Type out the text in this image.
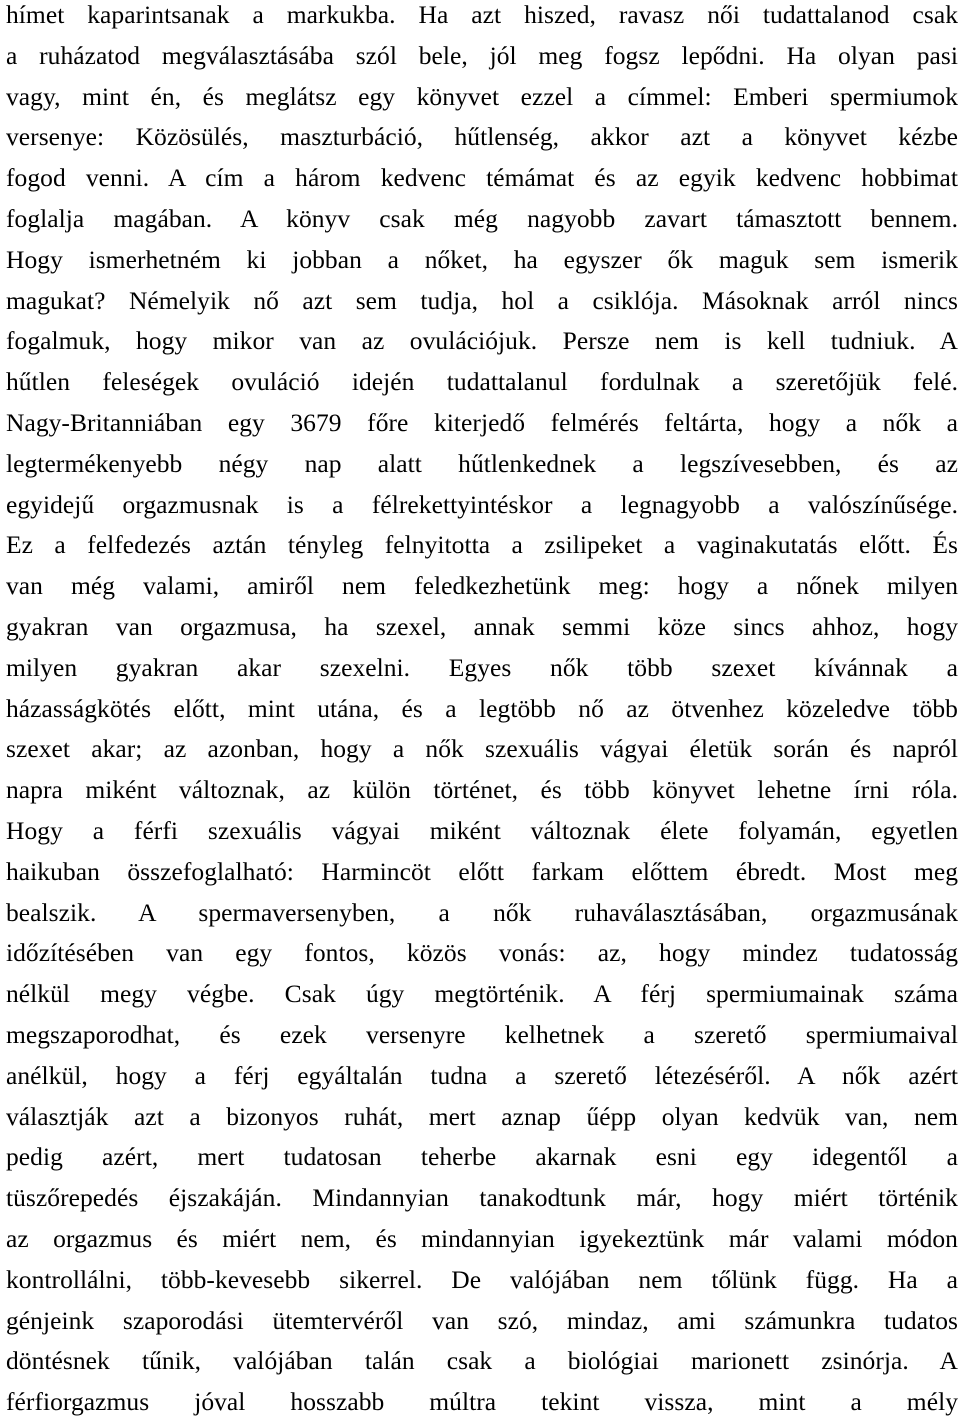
hímet kaparintsanak a markukba. Ha azt hiszed, ravasz női tudattalanod csak
a ruházatod megválasztásába szól bele, jól meg fogsz lepődni. Ha olyan pasi
vagy, mint én, és meglátsz egy könyvet ezzel a címmel: Emberi spermiumok
versenye: Közösülés, maszturbáció, hűtlenség, akkor azt a könyvet kézbe
fogod venni. A cím a három kedvenc témámat és az egyik kedvenc hobbimat
foglalja magában. A könyv csak még nagyobb zavart támasztott bennem.
Hogy ismerhetném ki jobban a nőket, ha egyszer ők maguk sem ismerik
magukat? Némelyik nő azt sem tudja, hol a csiklója. Másoknak arról nincs
fogalmuk, hogy mikor van az ovulációjuk. Persze nem is kell tudniuk. A
hűtlen feleségek ovuláció idején tudattalanul fordulnak a szeretőjük felé.
Nagy-Britanniában egy 3679 főre kiterjedő felmérés feltárta, hogy a nők a
legtermékenyebb négy nap alatt hűtlenkednek a legszívesebben, és az
egyidejű orgazmusnak is a félrekettyintéskor a legnagyobb a valószínűsége.
Ez a felfedezés aztán tényleg felnyitotta a zsilipeket a vaginakutatás előtt. És
van még valami, amiről nem feledkezhetünk meg: hogy a nőnek milyen
gyakran van orgazmusa, ha szexel, annak semmi köze sincs ahhoz, hogy
milyen gyakran akar szexelni. Egyes nők több szexet kívánnak a
házasságkötés előtt, mint utána, és a legtöbb nő az ötvenhez közeledve több
szexet akar; az azonban, hogy a nők szexuális vágyai életük során és napról
napra miként változnak, az külön történet, és több könyvet lehetne írni róla.
Hogy a férfi szexuális vágyai miként változnak élete folyamán, egyetlen
haikuban összefoglalható: Harmincöt előtt farkam előttem ébredt. Most meg
bealszik. A spermaversenyben, a nők ruhaválasztásában, orgazmusának
időzítésében van egy fontos, közös vonás: az, hogy mindez tudatosság
nélkül megy végbe. Csak úgy megtörténik. A férj spermiumainak száma
megszaporodhat, és ezek versenyre kelhetnek a szerető spermiumaival
anélkül, hogy a férj egyáltalán tudna a szerető létezéséről. A nők azért
választják azt a bizonyos ruhát, mert aznap űépp olyan kedvük van, nem
pedig azért, mert tudatosan teherbe akarnak esni egy idegentől a
tüszőrepedés éjszakáján. Mindannyian tanakodtunk már, hogy miért történik
az orgazmus és miért nem, és mindannyian igyekeztünk már valami módon
kontrollálni, több-kevesebb sikerrel. De valójában nem tőlünk függ. Ha a
génjeink szaporodási ütemtervéről van szó, mindaz, ami számunkra tudatos
döntésnek tűnik, valójában talán csak a biológiai marionett zsinórja. A
férfiorgazmus jóval hosszabb múltra tekint vissza, mint a mély
